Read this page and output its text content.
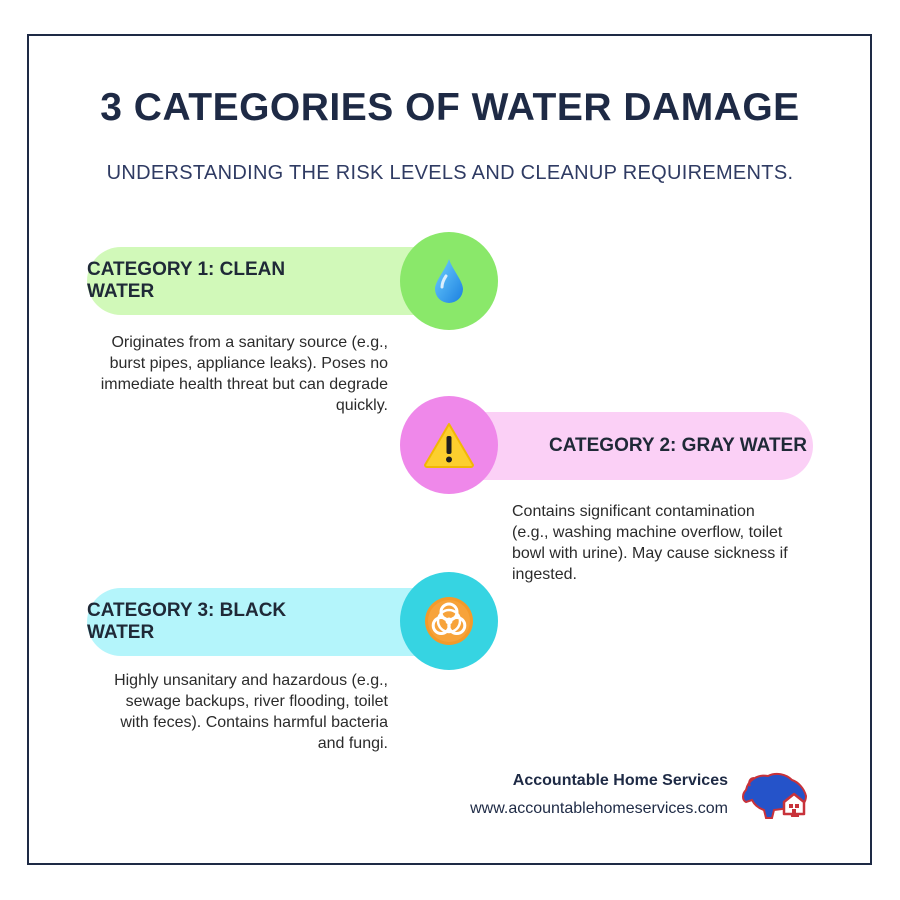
3 CATEGORIES OF WATER DAMAGE
UNDERSTANDING THE RISK LEVELS AND CLEANUP REQUIREMENTS.
CATEGORY 1: CLEAN WATER
Originates from a sanitary source (e.g., burst pipes, appliance leaks). Poses no immediate health threat but can degrade quickly.
CATEGORY 2: GRAY WATER
Contains significant contamination (e.g., washing machine overflow, toilet bowl with urine). May cause sickness if ingested.
CATEGORY 3: BLACK WATER
Highly unsanitary and hazardous (e.g., sewage backups, river flooding, toilet with feces). Contains harmful bacteria and fungi.
Accountable Home Services
www.accountablehomeservices.com
